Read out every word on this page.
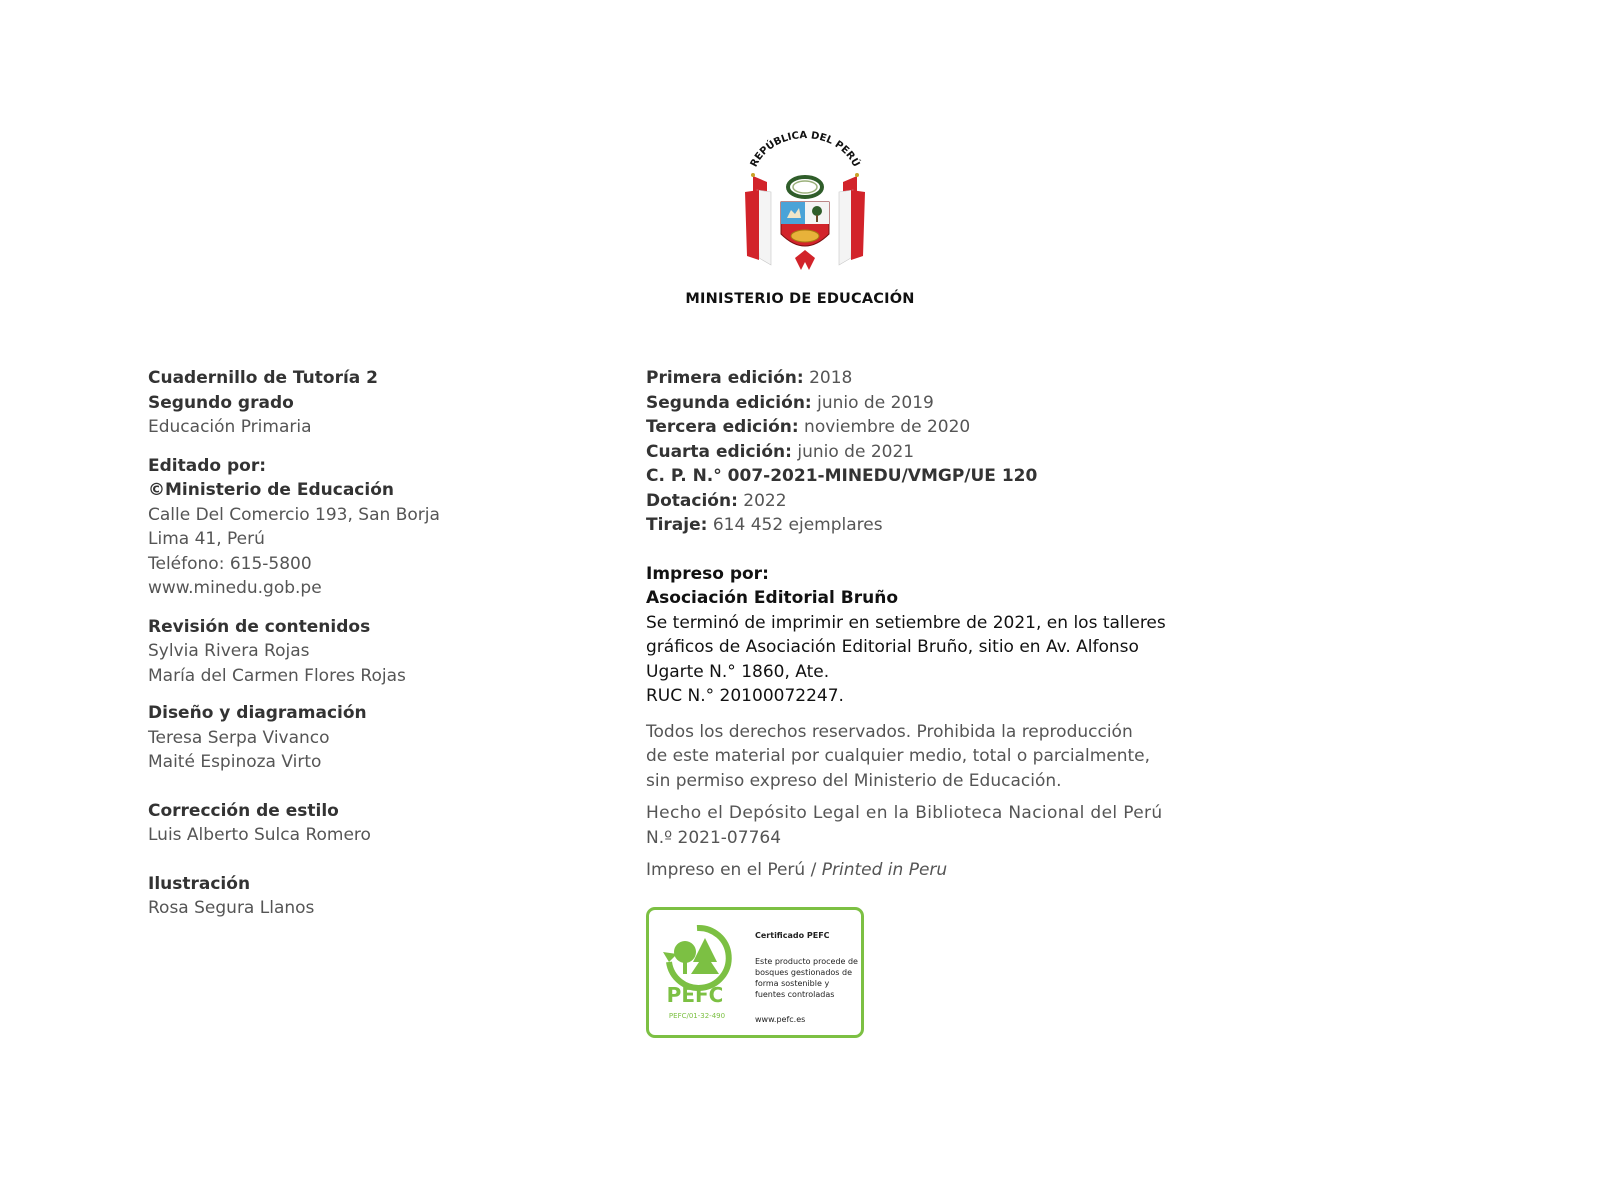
REPÚBLICA DEL PERÚ
MINISTERIO DE EDUCACIÓN
Cuadernillo de Tutoría 2
Segundo grado
Educación Primaria
Editado por:
©Ministerio de Educación
Calle Del Comercio 193, San Borja
Lima 41, Perú
Teléfono: 615-5800
www.minedu.gob.pe
Revisión de contenidos
Sylvia Rivera Rojas
María del Carmen Flores Rojas
Diseño y diagramación
Teresa Serpa Vivanco
Maité Espinoza Virto
Corrección de estilo
Luis Alberto Sulca Romero
Ilustración
Rosa Segura Llanos
Primera edición: 2018
Segunda edición: junio de 2019
Tercera edición: noviembre de 2020
Cuarta edición: junio de 2021
C. P. N.° 007-2021-MINEDU/VMGP/UE 120
Dotación: 2022
Tiraje: 614 452 ejemplares
Impreso por:
Asociación Editorial Bruño
Se terminó de imprimir en setiembre de 2021, en los talleres
gráficos de Asociación Editorial Bruño, sitio en Av. Alfonso
Ugarte N.° 1860, Ate.
RUC N.° 20100072247.
Todos los derechos reservados. Prohibida la reproducción
de este material por cualquier medio, total o parcialmente,
sin permiso expreso del Ministerio de Educación.
Hecho el Depósito Legal en la Biblioteca Nacional del Perú
N.º 2021-07764
Impreso en el Perú / Printed in Peru
PEFC
PEFC/01-32-490
Certificado PEFC
Este producto procede de bosques gestionados de forma sostenible y fuentes controladas
www.pefc.es
